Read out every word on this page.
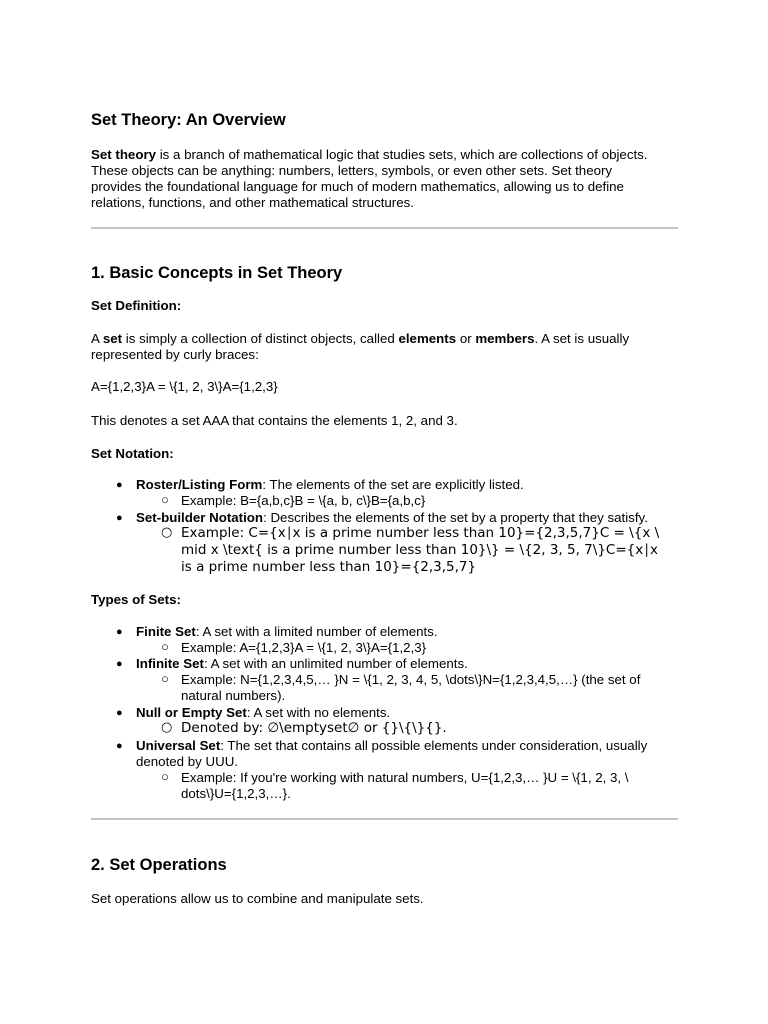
Set Theory: An Overview
Set theory is a branch of mathematical logic that studies sets, which are collections of objects.
These objects can be anything: numbers, letters, symbols, or even other sets. Set theory
provides the foundational language for much of modern mathematics, allowing us to define
relations, functions, and other mathematical structures.
1. Basic Concepts in Set Theory
Set Definition:
A set is simply a collection of distinct objects, called elements or members. A set is usually
represented by curly braces:
A={1,2,3}A = \{1, 2, 3\}A={1,2,3}
This denotes a set AAA that contains the elements 1, 2, and 3.
Set Notation:
● Roster/Listing Form: The elements of the set are explicitly listed.
○ Example: B={a,b,c}B = \{a, b, c\}B={a,b,c}
● Set-builder Notation: Describes the elements of the set by a property that they satisfy.
○ Example: C={x∣x is a prime number less than 10}={2,3,5,7}C = \{x \
mid x \text{ is a prime number less than 10}\} = \{2, 3, 5, 7\}C={x∣x
is a prime number less than 10}={2,3,5,7}
Types of Sets:
● Finite Set: A set with a limited number of elements.
○ Example: A={1,2,3}A = \{1, 2, 3\}A={1,2,3}
● Infinite Set: A set with an unlimited number of elements.
○ Example: N={1,2,3,4,5,… }N = \{1, 2, 3, 4, 5, \dots\}N={1,2,3,4,5,…} (the set of
natural numbers).
● Null or Empty Set: A set with no elements.
○ Denoted by: ∅\emptyset∅ or {}\{\}{}.
● Universal Set: The set that contains all possible elements under consideration, usually
denoted by UUU.
○ Example: If you're working with natural numbers, U={1,2,3,… }U = \{1, 2, 3, \
dots\}U={1,2,3,…}.
2. Set Operations
Set operations allow us to combine and manipulate sets.
